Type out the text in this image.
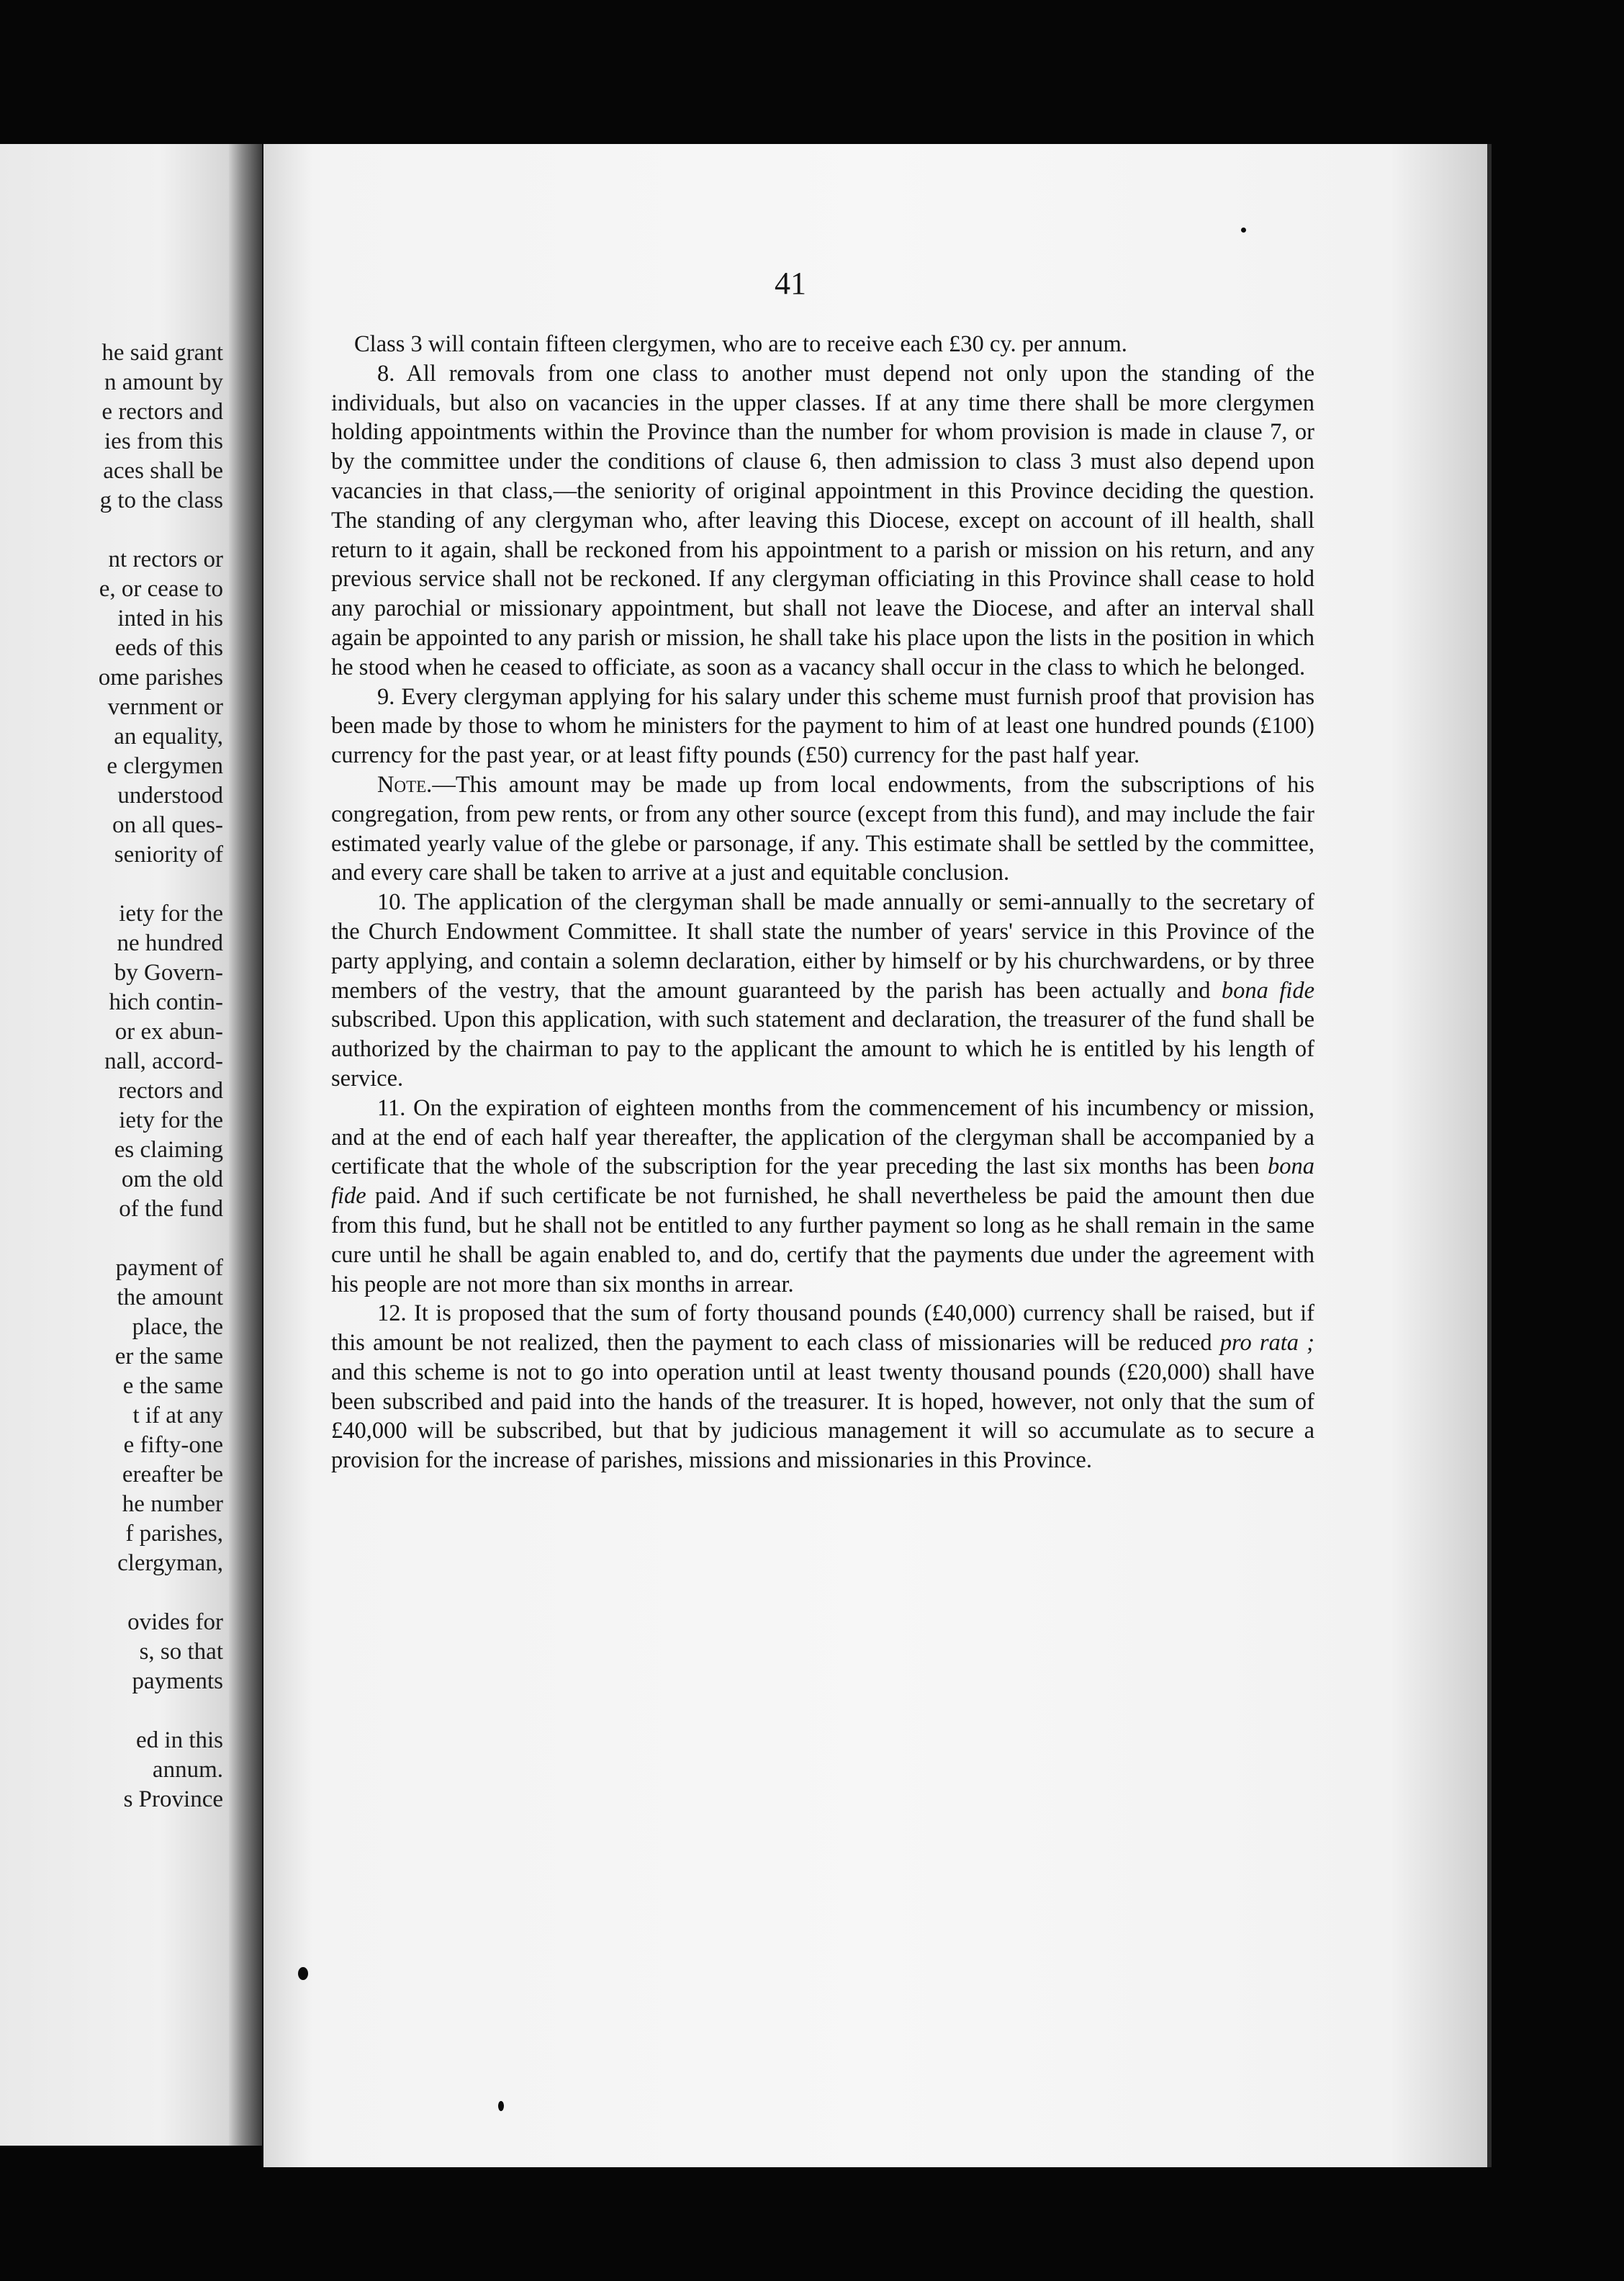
he said grant
n amount by
e rectors and
ies from this
aces shall be
g to the class
nt rectors or
e, or cease to
inted in his
eeds of this
ome parishes
vernment or
an equality,
e clergymen
understood
on all ques-
seniority of
iety for the
ne hundred
by Govern-
hich contin-
or ex abun-
nall, accord-
rectors and
iety for the
es claiming
om the old
of the fund
payment of
the amount
place, the
er the same
e the same
t if at any
e fifty-one
ereafter be
he number
f parishes,
clergyman,
ovides for
s, so that
payments
ed in this
annum.
s Province
41

Class 3 will contain fifteen clergymen, who are to receive each £30 cy. per annum.

8. All removals from one class to another must depend not only upon the standing of the individuals, but also on vacancies in the upper classes. If at any time there shall be more clergymen holding appointments within the Province than the number for whom provision is made in clause 7, or by the committee under the conditions of clause 6, then admission to class 3 must also depend upon vacancies in that class,—the seniority of original appointment in this Province deciding the question. The standing of any clergyman who, after leaving this Diocese, except on account of ill health, shall return to it again, shall be reckoned from his appointment to a parish or mission on his return, and any previous service shall not be reckoned. If any clergyman officiating in this Province shall cease to hold any parochial or missionary appointment, but shall not leave the Diocese, and after an interval shall again be appointed to any parish or mission, he shall take his place upon the lists in the position in which he stood when he ceased to officiate, as soon as a vacancy shall occur in the class to which he belonged.

9. Every clergyman applying for his salary under this scheme must furnish proof that provision has been made by those to whom he ministers for the payment to him of at least one hundred pounds (£100) currency for the past year, or at least fifty pounds (£50) currency for the past half year.

Note.—This amount may be made up from local endowments, from the subscriptions of his congregation, from pew rents, or from any other source (except from this fund), and may include the fair estimated yearly value of the glebe or parsonage, if any. This estimate shall be settled by the committee, and every care shall be taken to arrive at a just and equitable conclusion.

10. The application of the clergyman shall be made annually or semi-annually to the secretary of the Church Endowment Committee. It shall state the number of years' service in this Province of the party applying, and contain a solemn declaration, either by himself or by his churchwardens, or by three members of the vestry, that the amount guaranteed by the parish has been actually and bona fide subscribed. Upon this application, with such statement and declaration, the treasurer of the fund shall be authorized by the chairman to pay to the applicant the amount to which he is entitled by his length of service.

11. On the expiration of eighteen months from the commencement of his incumbency or mission, and at the end of each half year thereafter, the application of the clergyman shall be accompanied by a certificate that the whole of the subscription for the year preceding the last six months has been bona fide paid. And if such certificate be not furnished, he shall nevertheless be paid the amount then due from this fund, but he shall not be entitled to any further payment so long as he shall remain in the same cure until he shall be again enabled to, and do, certify that the payments due under the agreement with his people are not more than six months in arrear.

12. It is proposed that the sum of forty thousand pounds (£40,000) currency shall be raised, but if this amount be not realized, then the payment to each class of missionaries will be reduced pro rata ; and this scheme is not to go into operation until at least twenty thousand pounds (£20,000) shall have been subscribed and paid into the hands of the treasurer. It is hoped, however, not only that the sum of £40,000 will be subscribed, but that by judicious management it will so accumulate as to secure a provision for the increase of parishes, missions and missionaries in this Province.
